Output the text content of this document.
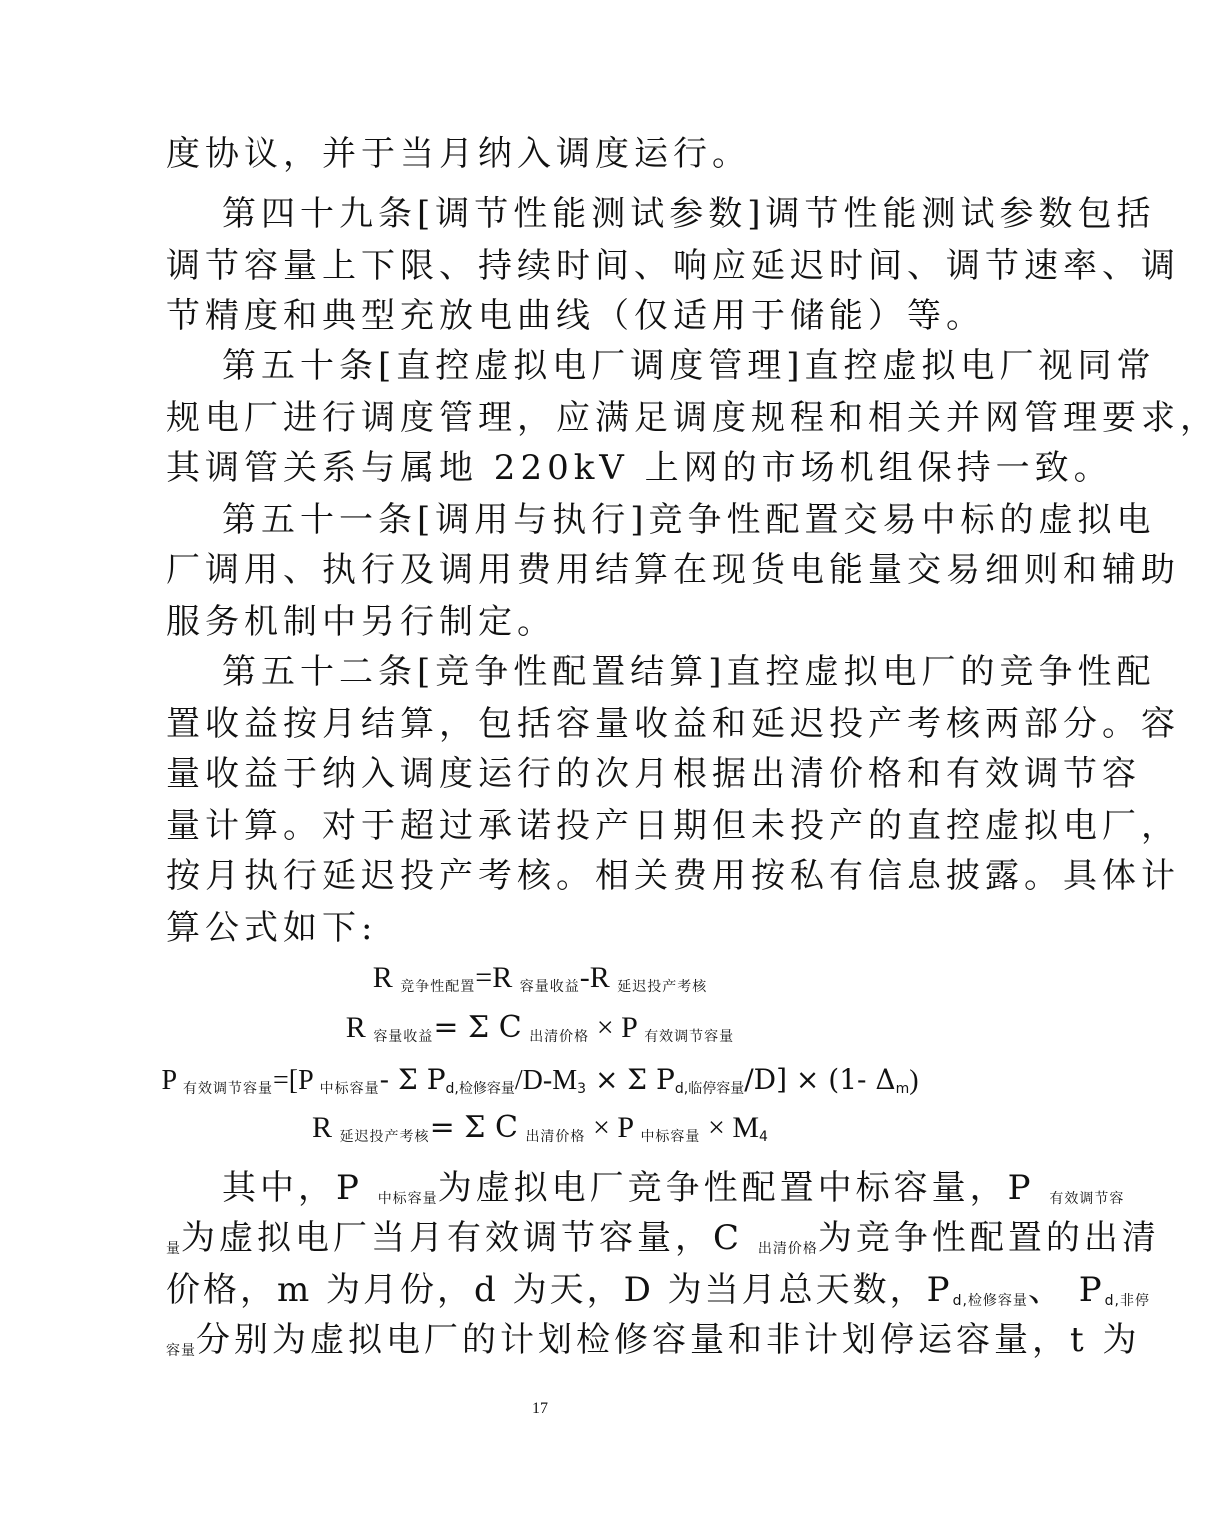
度协议，并于当月纳入调度运行。
第四十九条[调节性能测试参数]调节性能测试参数包括
调节容量上下限、持续时间、响应延迟时间、调节速率、调
节精度和典型充放电曲线（仅适用于储能）等。
第五十条[直控虚拟电厂调度管理]直控虚拟电厂视同常
规电厂进行调度管理，应满足调度规程和相关并网管理要求，
其调管关系与属地 220kV 上网的市场机组保持一致。
第五十一条[调用与执行]竞争性配置交易中标的虚拟电
厂调用、执行及调用费用结算在现货电能量交易细则和辅助
服务机制中另行制定。
第五十二条[竞争性配置结算]直控虚拟电厂的竞争性配
置收益按月结算，包括容量收益和延迟投产考核两部分。容
量收益于纳入调度运行的次月根据出清价格和有效调节容
量计算。对于超过承诺投产日期但未投产的直控虚拟电厂，
按月执行延迟投产考核。相关费用按私有信息披露。具体计
算公式如下:
R $_{竞争性配置}$=R $_{容量收益}$-R $_{延迟投产考核}$
R $_{容量收益}$= Σ C $_{出清价格}$ × P $_{有效调节容量}$
P $_{有效调节容量}$=[P $_{中标容量}$- Σ Pd,检修容量/D-M3 × Σ Pd,临停容量/D] × (1- Δm)
R $_{延迟投产考核}$= Σ C $_{出清价格}$ × P $_{中标容量}$ × M4
其中，P $_{中标容量}$为虚拟电厂竞争性配置中标容量，P $_{有效调节容}$
$_量$为虚拟电厂当月有效调节容量，C $_{出清价格}$为竞争性配置的出清
价格，m 为月份，d 为天，D 为当月总天数，$P_{d,检修容量}$、 $P_{d,非停}$
$_{容量}$分别为虚拟电厂的计划检修容量和非计划停运容量，t 为
17
